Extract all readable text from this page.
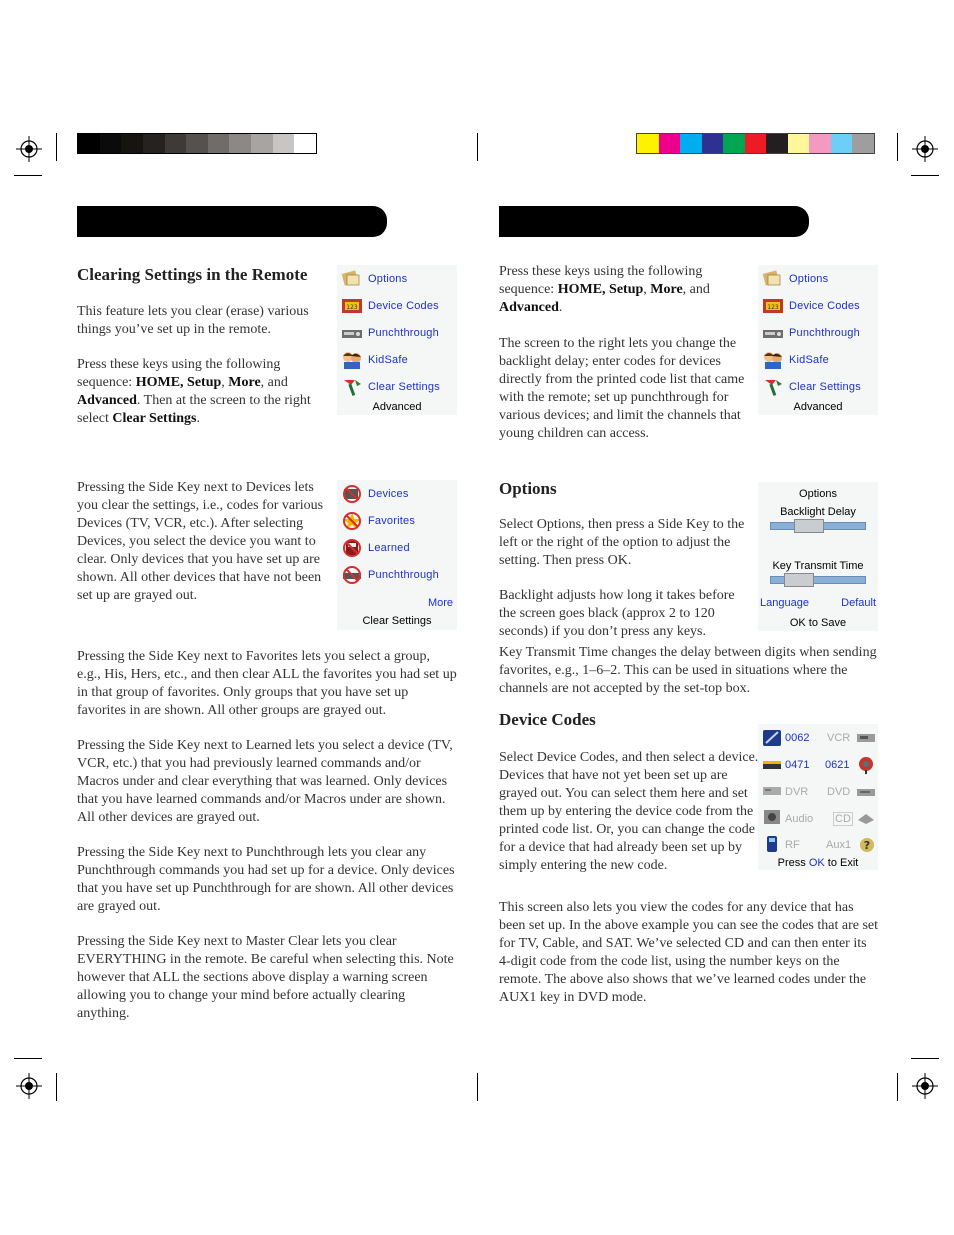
Clearing Settings in the Remote

This feature lets you clear (erase) various things you’ve set up in the remote.

Press these keys using the following sequence: HOME, Setup, More, and Advanced. Then at the screen to the right select Clear Settings.

Options
123 Device Codes
Punchthrough
KidSafe
Clear Settings
Advanced

Pressing the Side Key next to Devices lets you clear the settings, i.e., codes for various Devices (TV, VCR, etc.). After selecting Devices, you select the device you want to clear. Only devices that you have set up are shown. All other devices that have not been set up are grayed out.

Devices
Favorites
Learned
Punchthrough
More
Clear Settings

Pressing the Side Key next to Favorites lets you select a group, e.g., His, Hers, etc., and then clear ALL the favorites you had set up in that group of favorites. Only groups that you have set up favorites in are shown. All other groups are grayed out.

Pressing the Side Key next to Learned lets you select a device (TV, VCR, etc.) that you had previously learned commands and/or Macros under and clear everything that was learned. Only devices that you have learned commands and/or Macros under are shown. All other devices are grayed out.

Pressing the Side Key next to Punchthrough lets you clear any Punchthrough commands you had set up for a device. Only devices that you have set up Punchthrough for are shown. All other devices are grayed out.

Pressing the Side Key next to Master Clear lets you clear EVERYTHING in the remote. Be careful when selecting this. Note however that ALL the sections above display a warning screen allowing you to change your mind before actually clearing anything.

Press these keys using the following sequence: HOME, Setup, More, and Advanced.

The screen to the right lets you change the backlight delay; enter codes for devices directly from the printed code list that came with the remote; set up punchthrough for various devices; and limit the channels that young children can access.

Options
123 Device Codes
Punchthrough
KidSafe
Clear Settings
Advanced
Options

Select Options, then press a Side Key to the left or the right of the option to adjust the setting. Then press OK.

Backlight adjusts how long it takes before the screen goes black (approx 2 to 120 seconds) if you don’t press any keys.

Key Transmit Time changes the delay between digits when sending favorites, e.g., 1–6–2. This can be used in situations where the channels are not accepted by the set-top box.

Options
Backlight Delay
Key Transmit Time
Language	Default
OK to Save
Device Codes

Select Device Codes, and then select a device. Devices that have not yet been set up are grayed out. You can select them here and set them up by entering the device code from the printed code list. Or, you can change the code for a device that had already been set up by simply entering the new code.

This screen also lets you view the codes for any device that has been set up. In the above example you can see the codes that are set for TV, Cable, and SAT. We’ve selected CD and can then enter its 4-digit code from the code list, using the number keys on the remote. The above also shows that we’ve learned codes under the AUX1 key in DVD mode.

0062 VCR
0471 0621
DVR DVD
Audio CD
RF Aux1 ?
Press OK to Exit
